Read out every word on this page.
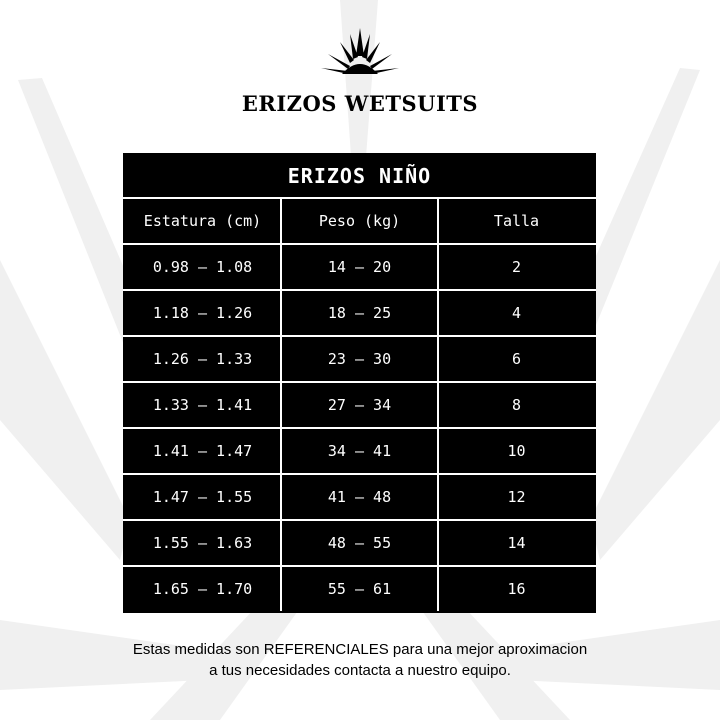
ERIZOS WETSUITS
ERIZOS NIÑO		
Estatura (cm)	Peso (kg)	Talla
0.98 – 1.08	14 – 20	2
1.18 – 1.26	18 – 25	4
1.26 – 1.33	23 – 30	6
1.33 – 1.41	27 – 34	8
1.41 – 1.47	34 – 41	10
1.47 – 1.55	41 – 48	12
1.55 – 1.63	48 – 55	14
1.65 – 1.70	55 – 61	16
Estas medidas son REFERENCIALES para una mejor aproximacion a tus necesidades contacta a nuestro equipo.
